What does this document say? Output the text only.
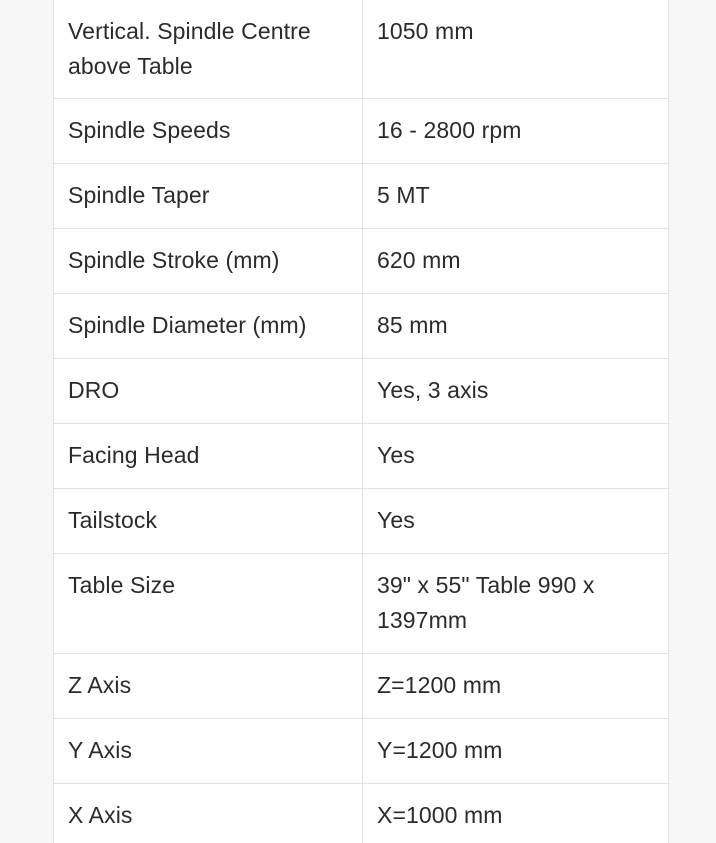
Vertical. Spindle Centre above Table	1050 mm
Spindle Speeds	16 - 2800 rpm
Spindle Taper	5 MT
Spindle Stroke (mm)	620 mm
Spindle Diameter (mm)	85 mm
DRO	Yes, 3 axis
Facing Head	Yes
Tailstock	Yes
Table Size	39" x 55" Table 990 x 1397mm
Z Axis	Z=1200 mm
Y Axis	Y=1200 mm
X Axis	X=1000 mm
